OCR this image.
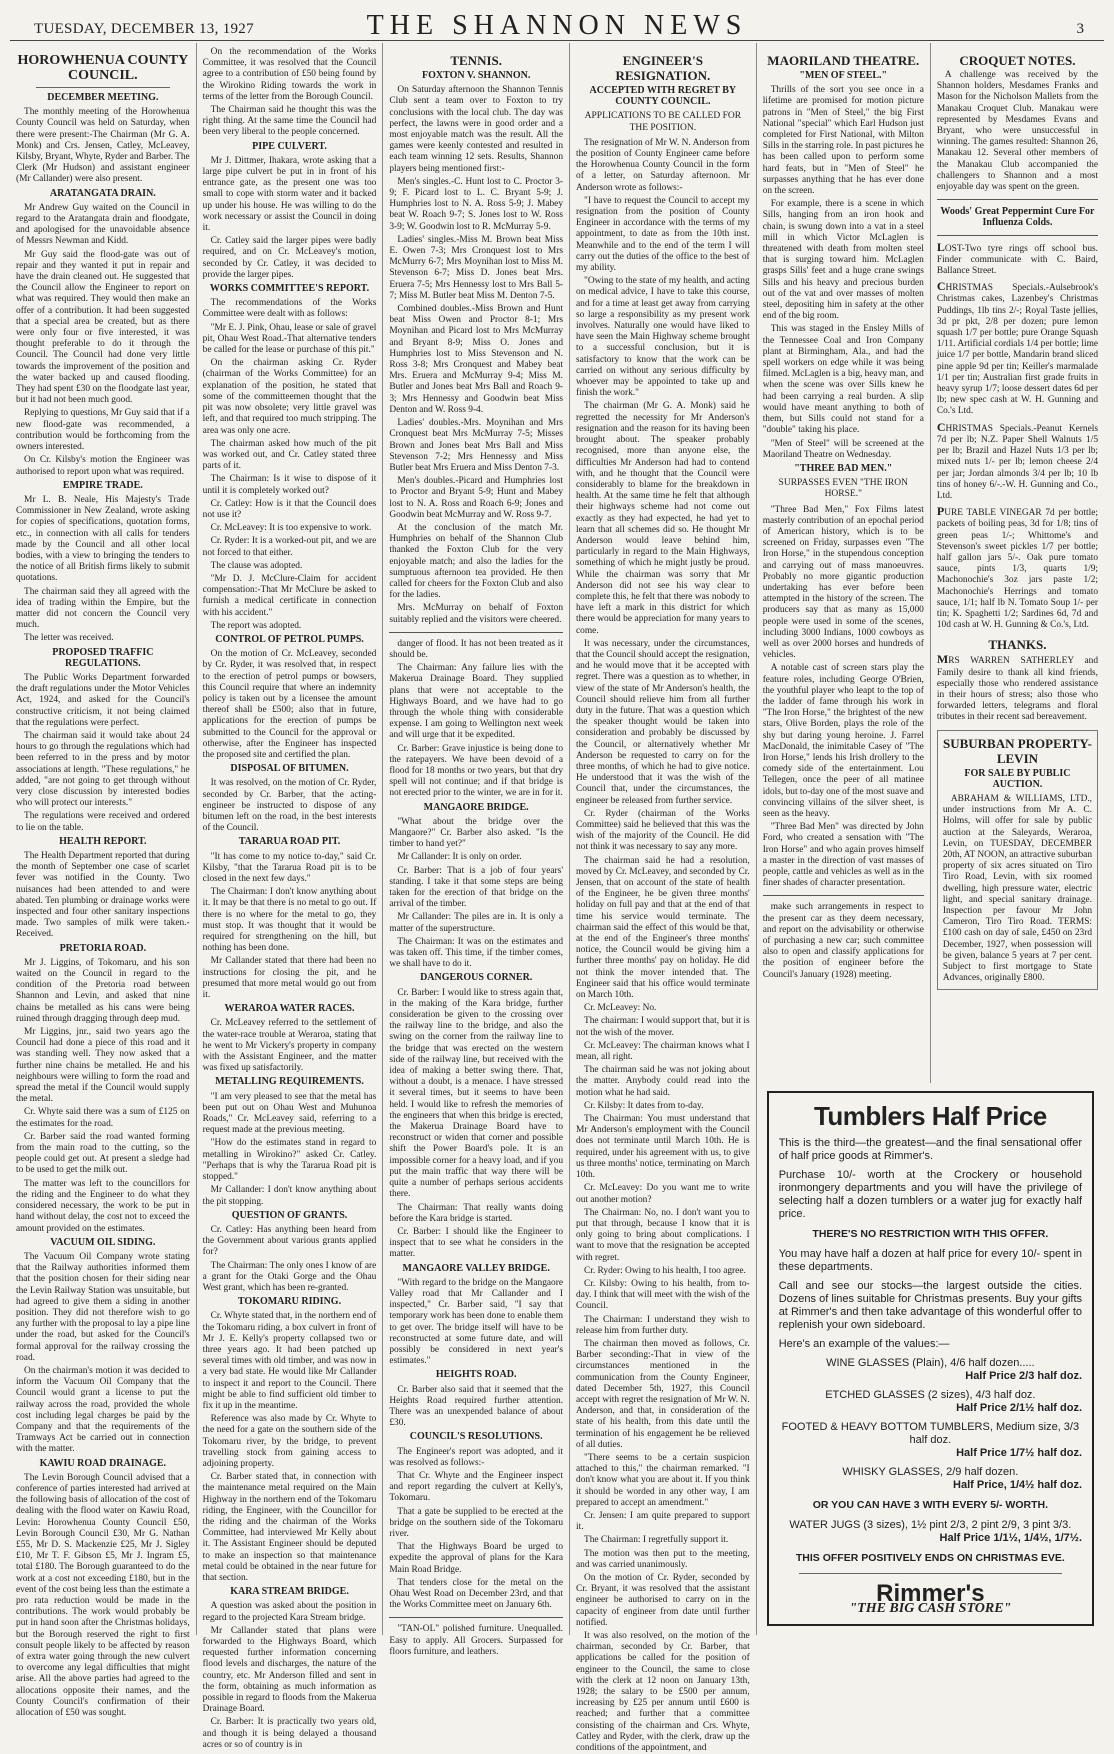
TUESDAY, DECEMBER 13, 1927	THE SHANNON NEWS	3
HOROWHENUA COUNTY COUNCIL.
DECEMBER MEETING.

The monthly meeting of the Horowhenua County Council was held on Saturday, when there were present:-The Chairman (Mr G. A. Monk) and Crs. Jensen, Catley, McLeavey, Kilsby, Bryant, Whyte, Ryder and Barber. The Clerk (Mr Hudson) and assistant engineer (Mr Callander) were also present.

ARATANGATA DRAIN.

Mr Andrew Guy waited on the Council in regard to the Aratangata drain and floodgate, and apologised for the unavoidable absence of Messrs Newman and Kidd.

Mr Guy said the flood-gate was out of repair and they wanted it put in repair and have the drain cleaned out. He suggested that the Council allow the Engineer to report on what was required. They would then make an offer of a contribution. It had been suggested that a special area be created, but as there were only four or five interested, it was thought preferable to do it through the Council. The Council had done very little towards the improvement of the position and the water backed up and caused flooding. They had spent £30 on the floodgate last year, but it had not been much good.

Replying to questions, Mr Guy said that if a new flood-gate was recommended, a contribution would be forthcoming from the owners interested.

On Cr. Kilsby's motion the Engineer was authorised to report upon what was required.

EMPIRE TRADE.

Mr L. B. Neale, His Majesty's Trade Commissioner in New Zealand, wrote asking for copies of specifications, quotation forms, etc., in connection with all calls for tenders made by the Council and all other local bodies, with a view to bringing the tenders to the notice of all British firms likely to submit quotations.

The chairman said they all agreed with the idea of trading within the Empire, but the matter did not concern the Council very much.

The letter was received.

PROPOSED TRAFFIC REGULATIONS.

The Public Works Department forwarded the draft regulations under the Motor Vehicles Act, 1924, and asked for the Council's constructive criticism, it not being claimed that the regulations were perfect.

The chairman said it would take about 24 hours to go through the regulations which had been referred to in the press and by motor associations at length. "These regulations," he added, "are not going to get through without very close discussion by interested bodies who will protect our interests."

The regulations were received and ordered to lie on the table.

HEALTH REPORT.

The Health Department reported that during the month of September one case of scarlet fever was notified in the County. Two nuisances had been attended to and were abated. Ten plumbing or drainage works were inspected and four other sanitary inspections made. Two samples of milk were taken.-Received.

PRETORIA ROAD.

Mr J. Liggins, of Tokomaru, and his son waited on the Council in regard to the condition of the Pretoria road between Shannon and Levin, and asked that nine chains be metalled as his cans were being ruined through dragging through deep mud.

Mr Liggins, jnr., said two years ago the Council had done a piece of this road and it was standing well. They now asked that a further nine chains be metalled. He and his neighbours were willing to form the road and spread the metal if the Council would supply the metal.

Cr. Whyte said there was a sum of £125 on the estimates for the road.

Cr. Barber said the road wanted forming from the main road to the cutting, so the people could get out. At present a sledge had to be used to get the milk out.

The matter was left to the councillors for the riding and the Engineer to do what they considered necessary, the work to be put in hand without delay, the cost not to exceed the amount provided on the estimates.

VACUUM OIL SIDING.

The Vacuum Oil Company wrote stating that the Railway authorities informed them that the position chosen for their siding near the Levin Railway Station was unsuitable, but had agreed to give them a siding in another position. They did not therefore wish to go any further with the proposal to lay a pipe line under the road, but asked for the Council's formal approval for the railway crossing the road.

On the chairman's motion it was decided to inform the Vacuum Oil Company that the Council would grant a license to put the railway across the road, provided the whole cost including legal charges be paid by the Company and that the requirements of the Tramways Act be carried out in connection with the matter.

KAWIU ROAD DRAINAGE.

The Levin Borough Council advised that a conference of parties interested had arrived at the following basis of allocation of the cost of dealing with the flood water on Kawiu Road, Levin: Horowhenua County Council £50, Levin Borough Council £30, Mr G. Nathan £55, Mr D. S. Mackenzie £25, Mr J. Sigley £10, Mr T. F. Gibson £5, Mr J. Ingram £5, total £180. The Borough guaranteed to do the work at a cost not exceeding £180, but in the event of the cost being less than the estimate a pro rata reduction would be made in the contributions. The work would probably be put in hand soon after the Christmas holidays, but the Borough reserved the right to first consult people likely to be affected by reason of extra water going through the new culvert to overcome any legal difficulties that might arise. All the above parties had agreed to the allocations opposite their names, and the County Council's confirmation of their allocation of £50 was sought.

On the recommendation of the Works Committee, it was resolved that the Council agree to a contribution of £50 being found by the Wirokino Riding towards the work in terms of the letter from the Borough Council.

The Chairman said he thought this was the right thing. At the same time the Council had been very liberal to the people concerned.

PIPE CULVERT.

Mr J. Dittmer, Ihakara, wrote asking that a large pipe culvert be put in in front of his entrance gate, as the present one was too small to cope with storm water and it backed up under his house. He was willing to do the work necessary or assist the Council in doing it.

Cr. Catley said the larger pipes were badly required, and on Cr. McLeavey's motion, seconded by Cr. Catley, it was decided to provide the larger pipes.

WORKS COMMITTEE'S REPORT.

The recommendations of the Works Committee were dealt with as follows:

"Mr E. J. Pink, Ohau, lease or sale of gravel pit, Ohau West Road.-That alternative tenders be called for the lease or purchase of this pit."

On the chairman asking Cr. Ryder (chairman of the Works Committee) for an explanation of the position, he stated that some of the committeemen thought that the pit was now obsolete; very little gravel was left, and that required too much stripping. The area was only one acre.

The chairman asked how much of the pit was worked out, and Cr. Catley stated three parts of it.

The Chairman: Is it wise to dispose of it until it is completely worked out?

Cr. Catley: How is it that the Council does not use it?

Cr. McLeavey: It is too expensive to work.

Cr. Ryder: It is a worked-out pit, and we are not forced to that either.

The clause was adopted.

"Mr D. J. McClure-Claim for accident compensation:-That Mr McClure be asked to furnish a medical certificate in connection with his accident."

The report was adopted.

CONTROL OF PETROL PUMPS.

On the motion of Cr. McLeavey, seconded by Cr. Ryder, it was resolved that, in respect to the erection of petrol pumps or bowsers, this Council require that where an indemnity policy is taken out by a licensee the amount thereof shall be £500; also that in future, applications for the erection of pumps be submitted to the Council for the approval or otherwise, after the Engineer has inspected the proposed site and certified the plan.

DISPOSAL OF BITUMEN.

It was resolved, on the motion of Cr. Ryder, seconded by Cr. Barber, that the acting-engineer be instructed to dispose of any bitumen left on the road, in the best interests of the Council.

TARARUA ROAD PIT.

"It has come to my notice to-day," said Cr. Kilsby, "that the Tararua Road pit is to be closed in the next few days."

The Chairman: I don't know anything about it. It may be that there is no metal to go out. If there is no where for the metal to go, they must stop. It was thought that it would be required for strengthening on the hill, but nothing has been done.

Mr Callander stated that there had been no instructions for closing the pit, and he presumed that more metal would go out from it.

WERAROA WATER RACES.

Cr. McLeavey referred to the settlement of the water-race trouble at Weraroa, stating that he went to Mr Vickery's property in company with the Assistant Engineer, and the matter was fixed up satisfactorily.

METALLING REQUIREMENTS.

"I am very pleased to see that the metal has been put out on Ohau West and Muhunoa Roads," Cr. McLeavey said, referring to a request made at the previous meeting.

"How do the estimates stand in regard to metalling in Wirokino?" asked Cr. Catley. "Perhaps that is why the Tararua Road pit is stopped."

Mr Callander: I don't know anything about the pit stopping.

QUESTION OF GRANTS.

Cr. Catley: Has anything been heard from the Government about various grants applied for?

The Chairman: The only ones I know of are a grant for the Otaki Gorge and the Ohau West grant, which has been re-granted.

TOKOMARU RIDING.

Cr. Whyte stated that, in the northern end of the Tokomaru riding, a box culvert in front of Mr J. E. Kelly's property collapsed two or three years ago. It had been patched up several times with old timber, and was now in a very bad state. He would like Mr Callander to inspect it and report to the Council. There might be able to find sufficient old timber to fix it up in the meantime.

Reference was also made by Cr. Whyte to the need for a gate on the southern side of the Tokomaru river, by the bridge, to prevent travelling stock from gaining access to adjoining property.

Cr. Barber stated that, in connection with the maintenance metal required on the Main Highway in the northern end of the Tokomaru riding, the Engineer, with the Councillor for the riding and the chairman of the Works Committee, had interviewed Mr Kelly about it. The Assistant Engineer should be deputed to make an inspection so that maintenance metal could be obtained in the near future for that section.

KARA STREAM BRIDGE.

A question was asked about the position in regard to the projected Kara Stream bridge.

Mr Callander stated that plans were forwarded to the Highways Board, which requested further information concerning flood levels and discharges, the nature of the country, etc. Mr Anderson filled and sent in the form, obtaining as much information as possible in regard to floods from the Makerua Drainage Board.

Cr. Barber: It is practically two years old, and though it is being delayed a thousand acres or so of country is in

TENNIS.
FOXTON V. SHANNON.

On Saturday afternoon the Shannon Tennis Club sent a team over to Foxton to try conclusions with the local club. The day was perfect, the lawns were in good order and a most enjoyable match was the result. All the games were keenly contested and resulted in each team winning 12 sets. Results, Shannon players being mentioned first:-

Men's singles.-C. Hunt lost to C. Proctor 3-9; F. Picard lost to L. C. Bryant 5-9; J. Humphries lost to N. A. Ross 5-9; J. Mabey beat W. Roach 9-7; S. Jones lost to W. Ross 3-9; W. Goodwin lost to R. McMurray 5-9.

Ladies' singles.-Miss M. Brown beat Miss E. Owen 7-3; Mrs Cronquest lost to Mrs McMurry 6-7; Mrs Moynihan lost to Miss M. Stevenson 6-7; Miss D. Jones beat Mrs. Eruera 7-5; Mrs Hennessy lost to Mrs Ball 5-7; Miss M. Butler beat Miss M. Denton 7-5.

Combined doubles.-Miss Brown and Hunt beat Miss Owen and Proctor 8-1; Mrs Moynihan and Picard lost to Mrs McMurray and Bryant 8-9; Miss O. Jones and Humphries lost to Miss Stevenson and N. Ross 3-8; Mrs Cronquest and Mabey beat Mrs. Eruera and McMurray 9-4; Miss M. Butler and Jones beat Mrs Ball and Roach 9-3; Mrs Hennessy and Goodwin beat Miss Denton and W. Ross 9-4.

Ladies' doubles.-Mrs. Moynihan and Mrs Cronquest beat Mrs McMurray 7-5; Misses Brown and Jones beat Mrs Ball and Miss Stevenson 7-2; Mrs Hennessy and Miss Butler beat Mrs Eruera and Miss Denton 7-3.

Men's doubles.-Picard and Humphries lost to Proctor and Bryant 5-9; Hunt and Mabey lost to N. A. Ross and Roach 6-9; Jones and Goodwin beat McMurray and W. Ross 9-7.

At the conclusion of the match Mr. Humphries on behalf of the Shannon Club thanked the Foxton Club for the very enjoyable match; and also the ladies for the sumptuous afternoon tea provided. He then called for cheers for the Foxton Club and also for the ladies.

Mrs. McMurray on behalf of Foxton suitably replied and the visitors were cheered.

danger of flood. It has not been treated as it should be.

The Chairman: Any failure lies with the Makerua Drainage Board. They supplied plans that were not acceptable to the Highways Board, and we have had to go through the whole thing with considerable expense. I am going to Wellington next week and will urge that it be expedited.

Cr. Barber: Grave injustice is being done to the ratepayers. We have been devoid of a flood for 18 months or two years, but that dry spell will not continue; and if that bridge is not erected prior to the winter, we are in for it.

MANGAORE BRIDGE.

"What about the bridge over the Mangaore?" Cr. Barber also asked. "Is the timber to hand yet?"

Mr Callander: It is only on order.

Cr. Barber: That is a job of four years' standing. I take it that some steps are being taken for the erection of that bridge on the arrival of the timber.

Mr Callander: The piles are in. It is only a matter of the superstructure.

The Chairman: It was on the estimates and was taken off. This time, if the timber comes, we shall have to do it.

DANGEROUS CORNER.

Cr. Barber: I would like to stress again that, in the making of the Kara bridge, further consideration be given to the crossing over the railway line to the bridge, and also the swing on the corner from the railway line to the bridge that was erected on the western side of the railway line, but received with the idea of making a better swing there. That, without a doubt, is a menace. I have stressed it several times, but it seems to have been held. I would like to refresh the memories of the engineers that when this bridge is erected, the Makerua Drainage Board have to reconstruct or widen that corner and possible shift the Power Board's pole. It is an impossible corner for a heavy load, and if you put the main traffic that way there will be quite a number of perhaps serious accidents there.

The Chairman: That really wants doing before the Kara bridge is started.

Cr. Barber: I should like the Engineer to inspect that to see what he considers in the matter.

MANGAORE VALLEY BRIDGE.

"With regard to the bridge on the Mangaore Valley road that Mr Callander and I inspected," Cr. Barber said, "I say that temporary work has been done to enable them to get over. The bridge itself will have to be reconstructed at some future date, and will possibly be considered in next year's estimates."

HEIGHTS ROAD.

Cr. Barber also said that it seemed that the Heights Road required further attention. There was an unexpended balance of about £30.

COUNCIL'S RESOLUTIONS.

The Engineer's report was adopted, and it was resolved as follows:-

That Cr. Whyte and the Engineer inspect and report regarding the culvert at Kelly's, Tokomaru.

That a gate be supplied to be erected at the bridge on the southern side of the Tokomaru river.

That the Highways Board be urged to expedite the approval of plans for the Kara Main Road Bridge.

That tenders close for the metal on the Ohau West Road on December 23rd, and that the Works Committee meet on January 6th.

"TAN-OL" polished furniture. Unequalled. Easy to apply. All Grocers. Surpassed for floors furniture, and leathers.

ENGINEER'S RESIGNATION.
ACCEPTED WITH REGRET BY COUNTY COUNCIL.
APPLICATIONS TO BE CALLED FOR THE POSITION.

The resignation of Mr W. N. Anderson from the position of County Engineer came before the Horowhenua County Council in the form of a letter, on Saturday afternoon. Mr Anderson wrote as follows:-

"I have to request the Council to accept my resignation from the position of County Engineer in accordance with the terms of my appointment, to date as from the 10th inst. Meanwhile and to the end of the term I will carry out the duties of the office to the best of my ability.

"Owing to the state of my health, and acting on medical advice, I have to take this course, and for a time at least get away from carrying so large a responsibility as my present work involves. Naturally one would have liked to have seen the Main Highway scheme brought to a successful conclusion, but it is satisfactory to know that the work can be carried on without any serious difficulty by whoever may be appointed to take up and finish the work."

The chairman (Mr G. A. Monk) said he regretted the necessity for Mr Anderson's resignation and the reason for its having been brought about. The speaker probably recognised, more than anyone else, the difficulties Mr Anderson had had to contend with, and he thought that the Council were considerably to blame for the breakdown in health. At the same time he felt that although their highways scheme had not come out exactly as they had expected, he had yet to learn that all schemes did so. He thought Mr Anderson would leave behind him, particularly in regard to the Main Highways, something of which he might justly be proud. While the chairman was sorry that Mr Anderson did not see his way clear to complete this, he felt that there was nobody to have left a mark in this district for which there would be appreciation for many years to come.

It was necessary, under the circumstances, that the Council should accept the resignation, and he would move that it be accepted with regret. There was a question as to whether, in view of the state of Mr Anderson's health, the Council should relieve him from all further duty in the future. That was a question which the speaker thought would be taken into consideration and probably be discussed by the Council, or alternatively whether Mr Anderson be requested to carry on for the three months, of which he had to give notice. He understood that it was the wish of the Council that, under the circumstances, the engineer be released from further service.

Cr. Ryder (chairman of the Works Committee) said he believed that this was the wish of the majority of the Council. He did not think it was necessary to say any more.

The chairman said he had a resolution, moved by Cr. McLeavey, and seconded by Cr. Jensen, that on account of the state of health of the Engineer, he be given three months' holiday on full pay and that at the end of that time his service would terminate. The chairman said the effect of this would be that, at the end of the Engineer's three months' notice, the Council would be giving him a further three months' pay on holiday. He did not think the mover intended that. The Engineer said that his office would terminate on March 10th.

Cr. McLeavey: No.

The chairman: I would support that, but it is not the wish of the mover.

Cr. McLeavey: The chairman knows what I mean, all right.

The chairman said he was not joking about the matter. Anybody could read into the motion what he had said.

Cr. Kilsby: It dates from to-day.

The Chairman: You must understand that Mr Anderson's employment with the Council does not terminate until March 10th. He is required, under his agreement with us, to give us three months' notice, terminating on March 10th.

Cr. McLeavey: Do you want me to write out another motion?

The Chairman: No, no. I don't want you to put that through, because I know that it is only going to bring about complications. I want to move that the resignation be accepted with regret.

Cr. Ryder: Owing to his health, I too agree.

Cr. Kilsby: Owing to his health, from to-day. I think that will meet with the wish of the Council.

The Chairman: I understand they wish to release him from further duty.

The chairman then moved as follows, Cr. Barber seconding:-That in view of the circumstances mentioned in the communication from the County Engineer, dated December 5th, 1927, this Council accept with regret the resignation of Mr W. N. Anderson, and that, in consideration of the state of his health, from this date until the termination of his engagement he be relieved of all duties.

"There seems to be a certain suspicion attached to this," the chairman remarked. "I don't know what you are about it. If you think it should be worded in any other way, I am prepared to accept an amendment."

Cr. Jensen: I am quite prepared to support it.

The Chairman: I regretfully support it.

The motion was then put to the meeting, and was carried unanimously.

On the motion of Cr. Ryder, seconded by Cr. Bryant, it was resolved that the assistant engineer be authorised to carry on in the capacity of engineer from date until further notified.

It was also resolved, on the motion of the chairman, seconded by Cr. Barber, that applications be called for the position of engineer to the Council, the same to close with the clerk at 12 noon on January 13th, 1928; the salary to be £500 per annum, increasing by £25 per annum until £600 is reached; and further that a committee consisting of the chairman and Crs. Whyte, Catley and Ryder, with the clerk, draw up the conditions of the appointment, and

MAORILAND THEATRE.
"MEN OF STEEL."

Thrills of the sort you see once in a lifetime are promised for motion picture patrons in "Men of Steel," the big First National "special" which Earl Hudson just completed for First National, with Milton Sills in the starring role. In past pictures he has been called upon to perform some hard feats, but in "Men of Steel" he surpasses anything that he has ever done on the screen.

For example, there is a scene in which Sills, hanging from an iron hook and chain, is swung down into a vat in a steel mill in which Victor McLaglen is threatened with death from molten steel that is surging toward him. McLaglen grasps Sills' feet and a huge crane swings Sills and his heavy and precious burden out of the vat and over masses of molten steel, depositing him in safety at the other end of the big room.

This was staged in the Ensley Mills of the Tennessee Coal and Iron Company plant at Birmingham, Ala., and had the spell workers on edge while it was being filmed. McLaglen is a big, heavy man, and when the scene was over Sills knew he had been carrying a real burden. A slip would have meant anything to both of them, but Sills could not stand for a "double" taking his place.

"Men of Steel" will be screened at the Maoriland Theatre on Wednesday.

"THREE BAD MEN."
SURPASSES EVEN "THE IRON HORSE."

"Three Bad Men," Fox Films latest masterly contribution of an epochal period of American history, which is to be screened on Friday, surpasses even "The Iron Horse," in the stupendous conception and carrying out of mass manoeuvres. Probably no more gigantic production undertaking has ever before been attempted in the history of the screen. The producers say that as many as 15,000 people were used in some of the scenes, including 3000 Indians, 1000 cowboys as well as over 2000 horses and hundreds of vehicles.

A notable cast of screen stars play the feature roles, including George O'Brien, the youthful player who leapt to the top of the ladder of fame through his work in "The Iron Horse," the brightest of the new stars, Olive Borden, plays the role of the shy but daring young heroine. J. Farrel MacDonald, the inimitable Casey of "The Iron Horse," lends his Irish drollery to the comedy side of the entertainment. Lou Tellegen, once the peer of all matinee idols, but to-day one of the most suave and convincing villains of the silver sheet, is seen as the heavy.

"Three Bad Men" was directed by John Ford, who created a sensation with "The Iron Horse" and who again proves himself a master in the direction of vast masses of people, cattle and vehicles as well as in the finer shades of character presentation.

make such arrangements in respect to the present car as they deem necessary, and report on the advisability or otherwise of purchasing a new car; such committee also to open and classify applications for the position of engineer before the Council's January (1928) meeting.

CROQUET NOTES.

A challenge was received by the Shannon holders, Mesdames Franks and Mason for the Nicholson Mallets from the Manakau Croquet Club. Manakau were represented by Mesdames Evans and Bryant, who were unsuccessful in winning. The games resulted: Shannon 26, Manakau 12. Several other members of the Manakau Club accompanied the challengers to Shannon and a most enjoyable day was spent on the green.

Woods' Great Peppermint Cure For Influenza Colds.

LOST-Two tyre rings off school bus. Finder communicate with C. Baird, Ballance Street.

CHRISTMAS Specials.-Aulsebrook's Christmas cakes, Lazenbey's Christmas Puddings, 1lb tins 2/-; Royal Taste jellies, 3d pr pkt, 2/8 per dozen; pure lemon squash 1/7 per bottle; pure Orange Squash 1/11. Artificial cordials 1/4 per bottle; lime juice 1/7 per bottle, Mandarin brand sliced pine apple 9d per tin; Keiller's marmalade 1/1 per tin; Australian first grade fruits in heavy syrup 1/7; loose dessert dates 6d per lb; new spec cash at W. H. Gunning and Co.'s Ltd.

CHRISTMAS Specials.-Peanut Kernels 7d per lb; N.Z. Paper Shell Walnuts 1/5 per lb; Brazil and Hazel Nuts 1/3 per lb; mixed nuts 1/- per lb; lemon cheese 2/4 per jar; Jordan almonds 3/4 per lb; 10 lb tins of honey 6/-.-W. H. Gunning and Co., Ltd.

PURE TABLE VINEGAR 7d per bottle; packets of boiling peas, 3d for 1/8; tins of green peas 1/-; Whittome's and Stevenson's sweet pickles 1/7 per bottle; half gallon jars 5/-. Oak pure tomato sauce, pints 1/3, quarts 1/9; Machonochie's 3oz jars paste 1/2; Machonochie's Herrings and tomato sauce, 1/1; half lb N. Tomato Soup 1/- per tin; K. Spaghetti 1/2; Sardines 6d, 7d and 10d cash at W. H. Gunning & Co.'s, Ltd.

THANKS.

MRS WARREN SATHERLEY and Family desire to thank all kind friends, especially those who rendered assistance in their hours of stress; also those who forwarded letters, telegrams and floral tributes in their recent sad bereavement.

SUBURBAN PROPERTY-LEVIN
FOR SALE BY PUBLIC AUCTION.

ABRAHAM & WILLIAMS, LTD., under instructions from Mr A. C. Holms, will offer for sale by public auction at the Saleyards, Weraroa, Levin, on TUESDAY, DECEMBER 20th, AT NOON, an attractive suburban property of six acres situated on Tiro Tiro Road, Levin, with six roomed dwelling, high pressure water, electric light, and special sanitary drainage. Inspection per favour Mr John Cameron, Tiro Tiro Road. TERMS: £100 cash on day of sale, £450 on 23rd December, 1927, when possession will be given, balance 5 years at 7 per cent. Subject to first mortgage to State Advances, originally £800.

Tumblers Half Price

This is the third—the greatest—and the final sensational offer of half price goods at Rimmer's.

Purchase 10/- worth at the Crockery or household ironmongery departments and you will have the privilege of selecting half a dozen tumblers or a water jug for exactly half price.

THERE'S NO RESTRICTION WITH THIS OFFER.

You may have half a dozen at half price for every 10/- spent in these departments.

Call and see our stocks—the largest outside the cities. Dozens of lines suitable for Christmas presents. Buy your gifts at Rimmer's and then take advantage of this wonderful offer to replenish your own sideboard.

Here's an example of the values:—

WINE GLASSES (Plain), 4/6 half dozen.....
Half Price 2/3 half doz.
ETCHED GLASSES (2 sizes), 4/3 half doz.
Half Price 2/1½ half doz.
FOOTED & HEAVY BOTTOM TUMBLERS, Medium size, 3/3 half doz.
Half Price 1/7½ half doz.
WHISKY GLASSES, 2/9 half dozen.
Half Price, 1/4½ half doz.
OR YOU CAN HAVE 3 WITH EVERY 5/- WORTH.
WATER JUGS (3 sizes), 1½ pint 2/3, 2 pint 2/9, 3 pint 3/3.
Half Price 1/1½, 1/4½, 1/7½.
THIS OFFER POSITIVELY ENDS ON CHRISTMAS EVE.
Rimmer's
"THE BIG CASH STORE"
